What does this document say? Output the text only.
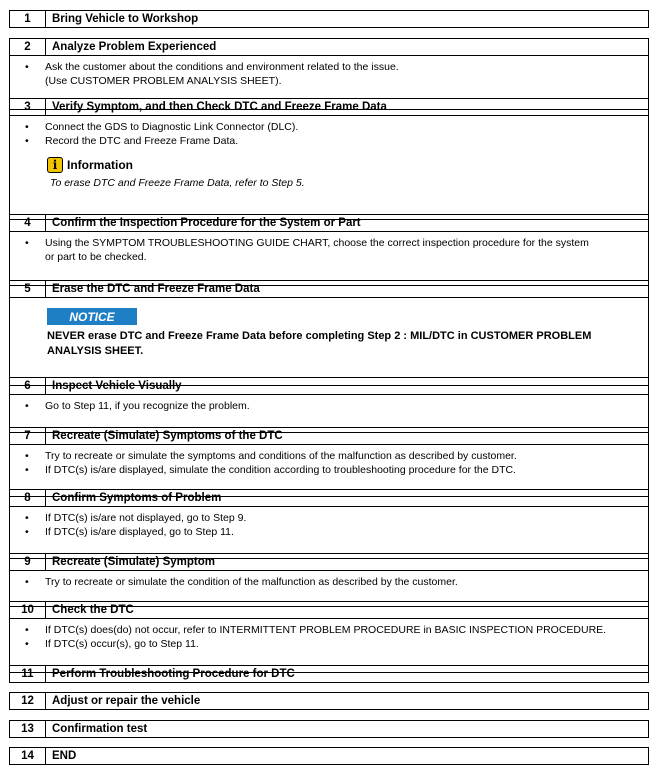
1	Bring Vehicle to Workshop
2	Analyze Problem Experienced
• Ask the customer about the conditions and environment related to the issue.
(Use CUSTOMER PROBLEM ANALYSIS SHEET).
3	Verify Symptom, and then Check DTC and Freeze Frame Data
• Connect the GDS to Diagnostic Link Connector (DLC).
• Record the DTC and Freeze Frame Data.
i Information
To erase DTC and Freeze Frame Data, refer to Step 5.
4	Confirm the Inspection Procedure for the System or Part
• Using the SYMPTOM TROUBLESHOOTING GUIDE CHART, choose the correct inspection procedure for the system
or part to be checked.
5	Erase the DTC and Freeze Frame Data
NOTICE
NEVER erase DTC and Freeze Frame Data before completing Step 2 : MIL/DTC in CUSTOMER PROBLEM ANALYSIS SHEET.
6	Inspect Vehicle Visually
• Go to Step 11, if you recognize the problem.
7	Recreate (Simulate) Symptoms of the DTC
• Try to recreate or simulate the symptoms and conditions of the malfunction as described by customer.
• If DTC(s) is/are displayed, simulate the condition according to troubleshooting procedure for the DTC.
8	Confirm Symptoms of Problem
• If DTC(s) is/are not displayed, go to Step 9.
• If DTC(s) is/are displayed, go to Step 11.
9	Recreate (Simulate) Symptom
• Try to recreate or simulate the condition of the malfunction as described by the customer.
10	Check the DTC
• If DTC(s) does(do) not occur, refer to INTERMITTENT PROBLEM PROCEDURE in BASIC INSPECTION PROCEDURE.
• If DTC(s) occur(s), go to Step 11.
11	Perform Troubleshooting Procedure for DTC
12	Adjust or repair the vehicle
13	Confirmation test
14	END
